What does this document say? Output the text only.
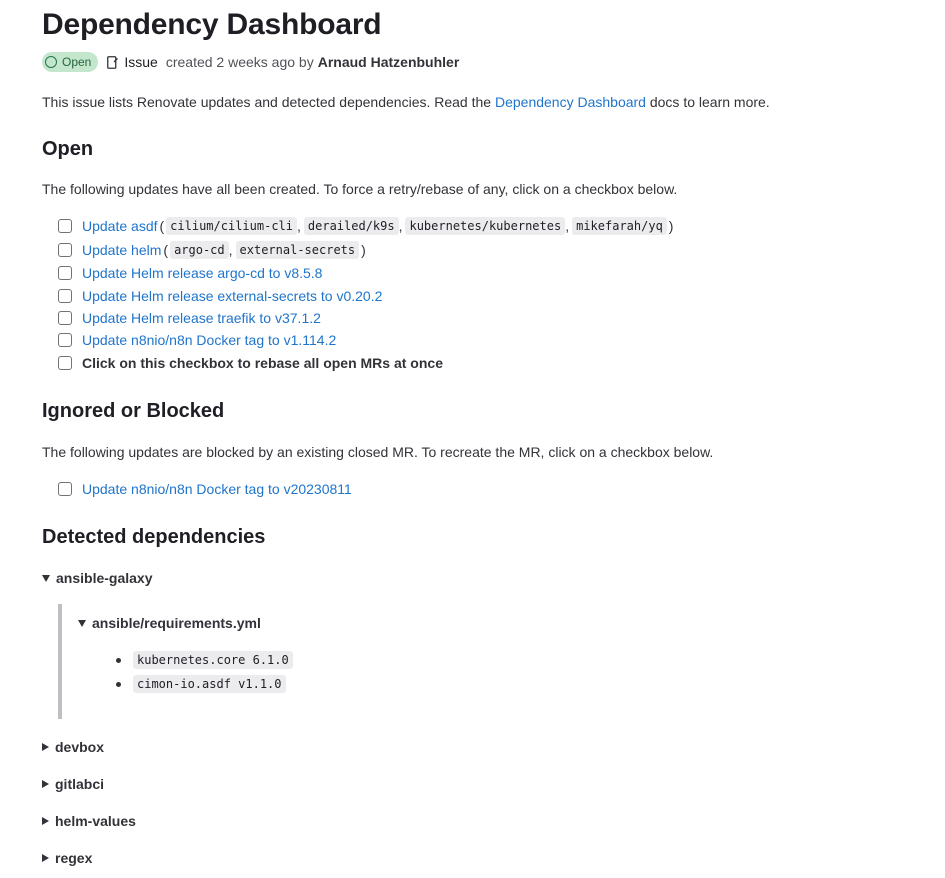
Dependency Dashboard
Open Issue created 2 weeks ago by Arnaud Hatzenbuhler
This issue lists Renovate updates and detected dependencies. Read the Dependency Dashboard docs to learn more.
Open
The following updates have all been created. To force a retry/rebase of any, click on a checkbox below.
Update asdf ( cilium/cilium-cli , derailed/k9s , kubernetes/kubernetes , mikefarah/yq )
Update helm ( argo-cd , external-secrets )
Update Helm release argo-cd to v8.5.8
Update Helm release external-secrets to v0.20.2
Update Helm release traefik to v37.1.2
Update n8nio/n8n Docker tag to v1.114.2
Click on this checkbox to rebase all open MRs at once
Ignored or Blocked
The following updates are blocked by an existing closed MR. To recreate the MR, click on a checkbox below.
Update n8nio/n8n Docker tag to v20230811
Detected dependencies
ansible-galaxy
ansible/requirements.yml
kubernetes.core 6.1.0
cimon-io.asdf v1.1.0
devbox
gitlabci
helm-values
regex
